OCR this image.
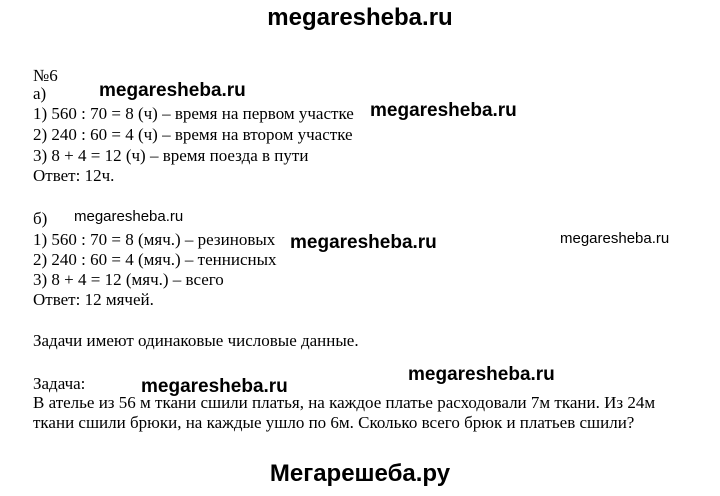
megaresheba.ru
№6
а)
1) 560 : 70 = 8 (ч) – время на первом участке
2) 240 : 60 = 4 (ч) – время на втором участке
3) 8 + 4 = 12 (ч) – время поезда в пути
Ответ: 12ч.
б)
1) 560 : 70 = 8 (мяч.) – резиновых
2) 240 : 60 = 4 (мяч.) – теннисных
3) 8 + 4 = 12 (мяч.) – всего
Ответ: 12 мячей.
Задачи имеют одинаковые числовые данные.
Задача:
В ателье из 56 м ткани сшили платья, на каждое платье расходовали 7м ткани. Из 24м
ткани сшили брюки, на каждые ушло по 6м. Сколько всего брюк и платьев сшили?
megaresheba.ru
megaresheba.ru
megaresheba.ru
megaresheba.ru	megaresheba.ru
megaresheba.ru
megaresheba.ru
Мегарешеба.ру
